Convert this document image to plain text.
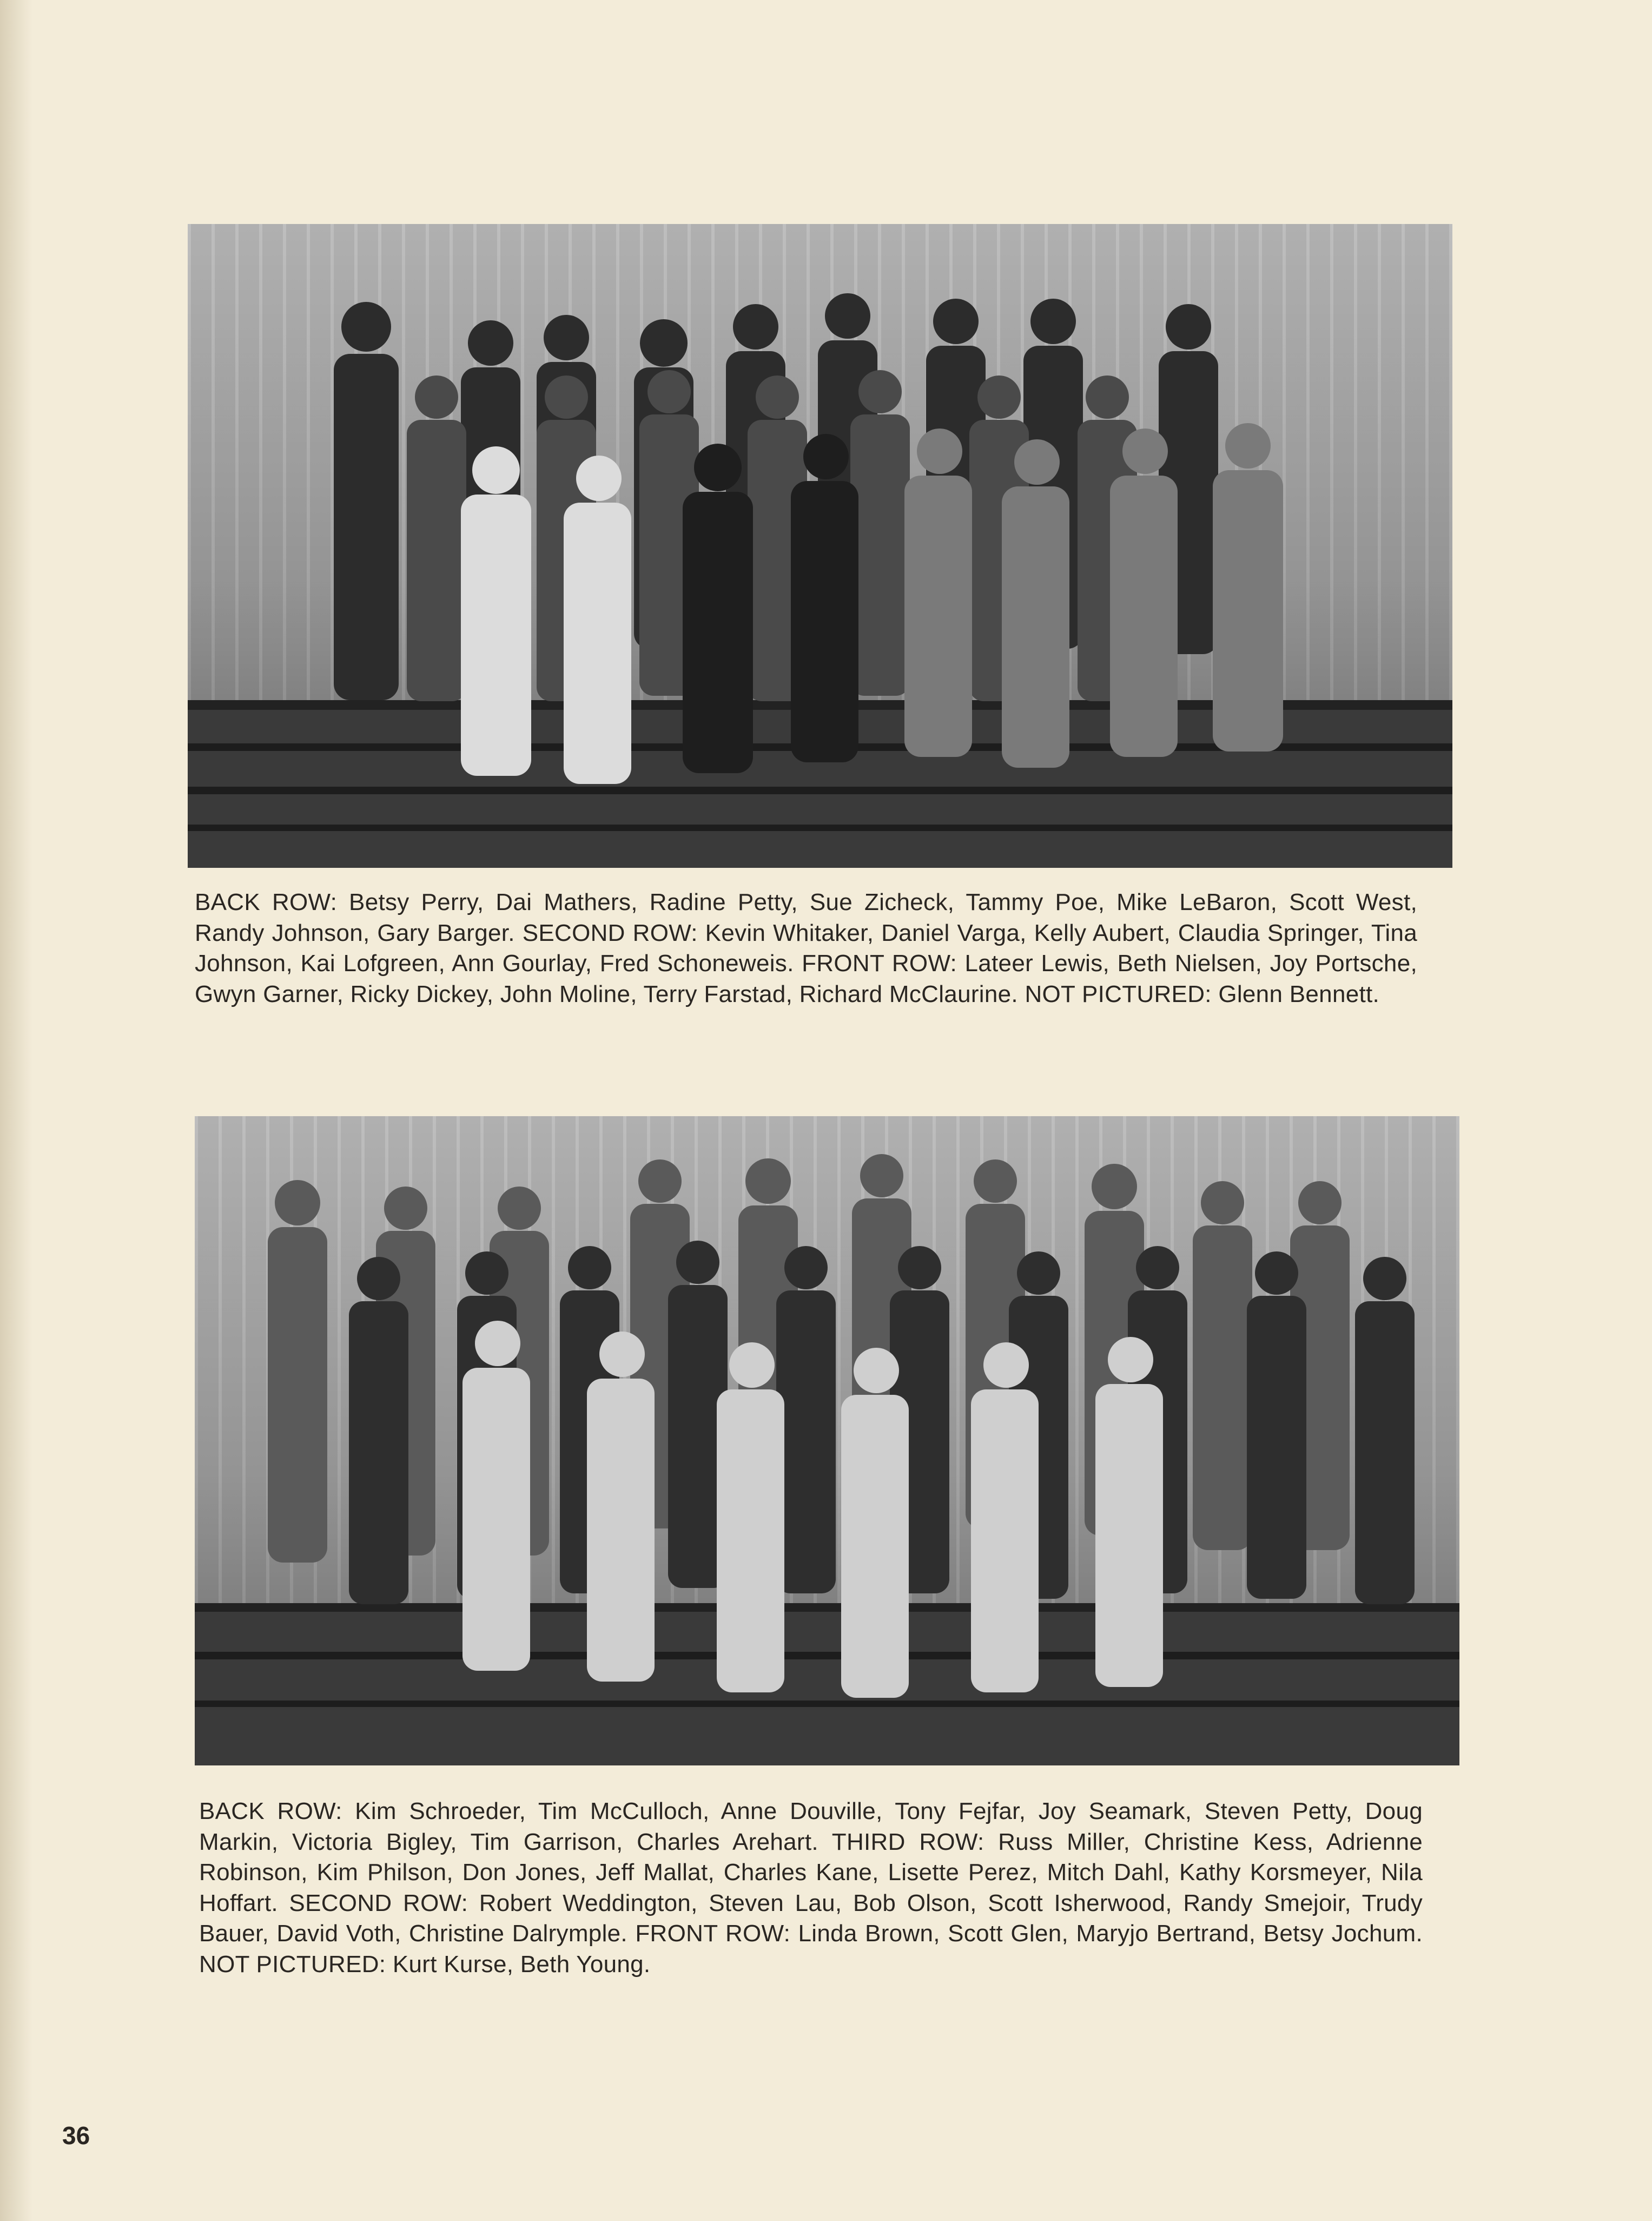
BACK ROW: Betsy Perry, Dai Mathers, Radine Petty, Sue Zicheck, Tammy Poe, Mike LeBaron, Scott West, Randy Johnson, Gary Barger. SECOND ROW: Kevin Whitaker, Daniel Varga, Kelly Aubert, Claudia Springer, Tina Johnson, Kai Lofgreen, Ann Gourlay, Fred Schoneweis. FRONT ROW: Lateer Lewis, Beth Nielsen, Joy Portsche, Gwyn Garner, Ricky Dickey, John Moline, Terry Farstad, Richard McClaurine. NOT PICTURED: Glenn Bennett.
BACK ROW: Kim Schroeder, Tim McCulloch, Anne Douville, Tony Fejfar, Joy Seamark, Steven Petty, Doug Markin, Victoria Bigley, Tim Garrison, Charles Arehart. THIRD ROW: Russ Miller, Christine Kess, Adrienne Robinson, Kim Philson, Don Jones, Jeff Mallat, Charles Kane, Lisette Perez, Mitch Dahl, Kathy Korsmeyer, Nila Hoffart. SECOND ROW: Robert Weddington, Steven Lau, Bob Olson, Scott Isherwood, Randy Smejoir, Trudy Bauer, David Voth, Christine Dalrymple. FRONT ROW: Linda Brown, Scott Glen, Maryjo Bertrand, Betsy Jochum. NOT PICTURED: Kurt Kurse, Beth Young.
36
